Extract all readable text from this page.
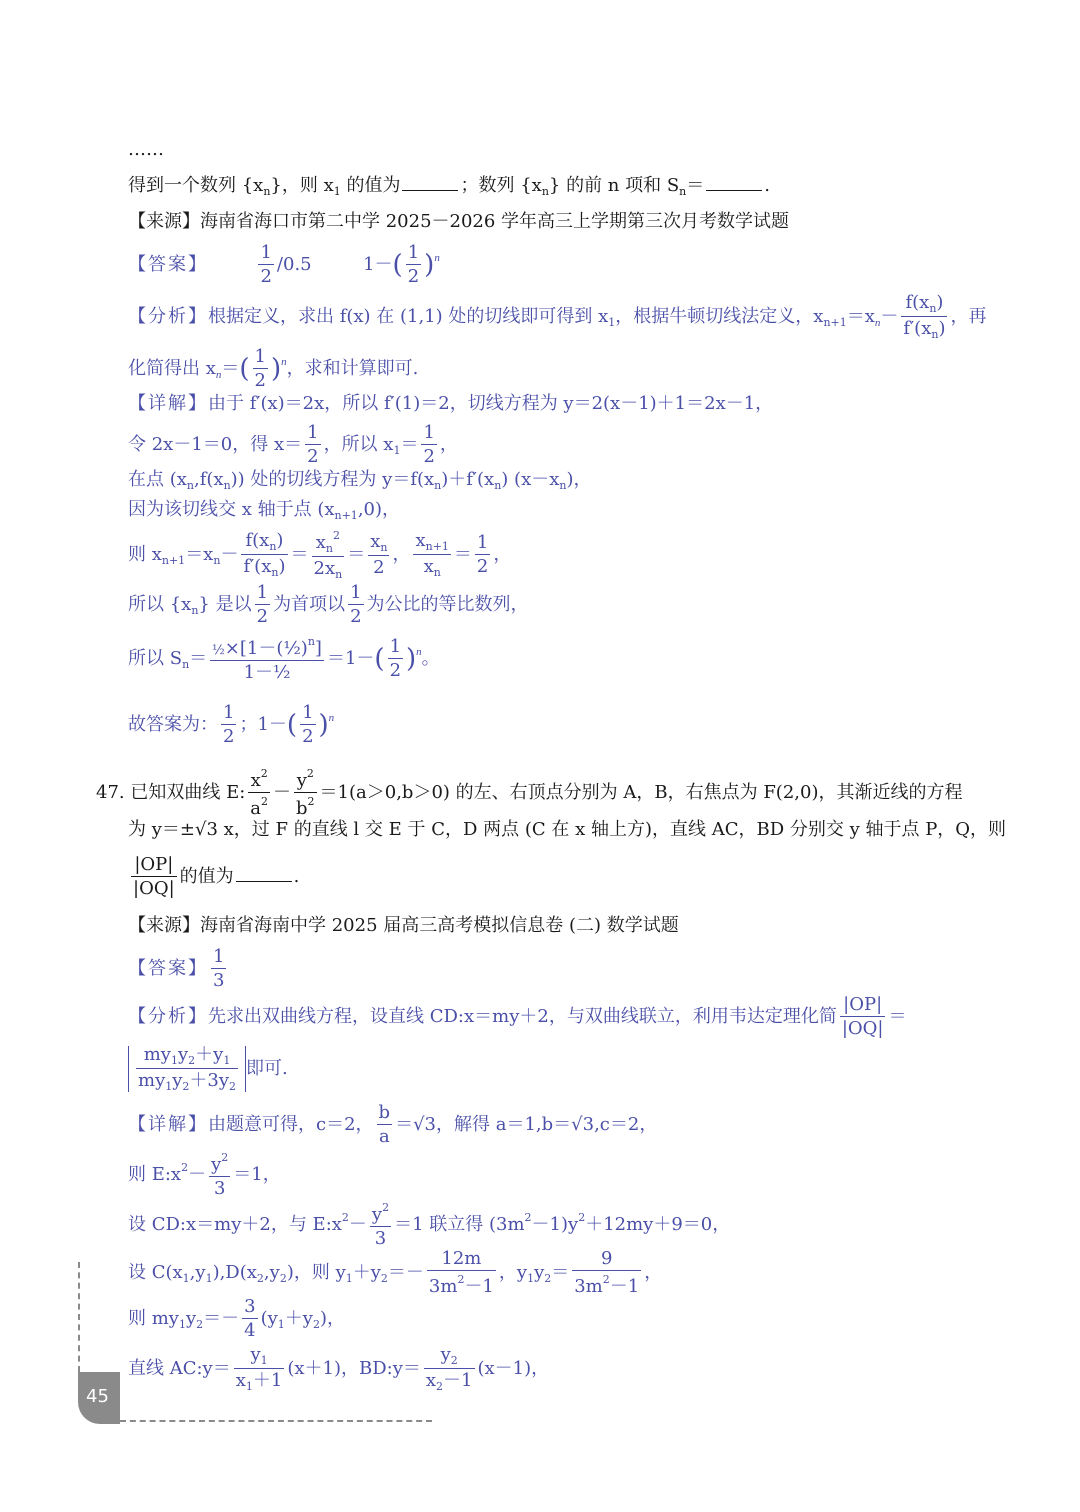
……
得到一个数列 $\{x_n\}$，则 $x_1$ 的值为	；数列 $\{x_n\}$ 的前 n 项和 $S_n=$	.
【来源】海南省海口市第二中学 2025－2026 学年高三上学期第三次月考数学试题
【答案】	$\frac{1}{2} /0.5$	$1-( \frac{1}{2} )^n$
【分析】根据定义，求出 f(x) 在 (1,1) 处的切线即可得到 $x_1$，根据牛顿切线法定义，$x_{n+1}=x_n- \frac{f(x_n)}{f'(x_n)}$ ，再
化简得出 $x_n=( \frac{1}{2} )^n$，求和计算即可.
【详解】由于 f′(x)＝2x，所以 f′(1)＝2，切线方程为 y＝2(x－1)＋1＝2x－1，
令 2x－1＝0，得 $x= \frac{1}{2}$ ，所以 $x_1= \frac{1}{2}$ ，
在点 $(x_n,f(x_n))$ 处的切线方程为 $y=f(x_n)+f'(x_n)$ $(x-x_n)$，
因为该切线交 x 轴于点 $(x_{n+1},0)$，
则 $x_{n+1}=x_n- \frac{f(x_n)}{f'(x_n)} = \frac{x_n^2}{2x_n} = \frac{x_n}{2}$ ， $\frac{x_{n+1}}{x_n} = \frac{1}{2}$ ，
所以 $\{x_n\}$ 是以 $\frac{1}{2}$ 为首项以 $\frac{1}{2}$ 为公比的等比数列，
所以 $S_n= \frac{\frac{1}{2}\times[1-(\frac{1}{2})^n]}{\text{1－½}} =1-( \frac{1}{2} )^n$。
故答案为： $\frac{1}{2}$ ；$1-( \frac{1}{2} )^n$
47. 已知双曲线 E: $\frac{x^2}{a^2} - \frac{y^2}{b^2} =1(a>0,b>0)$ 的左、右顶点分别为 A，B，右焦点为 F(2,0)，其渐近线的方程
为 y＝±√3 x，过 F 的直线 l 交 E 于 C，D 两点 (C 在 x 轴上方)，直线 AC，BD 分别交 y 轴于点 P，Q，则
$\frac{|OP|}{|OQ|}$ 的值为	.
【来源】海南省海南中学 2025 届高三高考模拟信息卷 (二) 数学试题
【答案】 $\frac{1}{3}$
【分析】先求出双曲线方程，设直线 CD:x＝my＋2，与双曲线联立，利用韦达定理化简 $\frac{|OP|}{|OQ|}$ ＝
$\frac{my_1y_2+y_1}{my_1y_2+3y_2}$ 即可.
【详解】由题意可得，c＝2， $\frac{b}{a} =√3$，解得 a＝1,b＝√3,c＝2，
则 $E:x^2- \frac{y^2}{3} =1$，
设 CD:x＝my＋2，与 $E:x^2- \frac{y^2}{3} =1$ 联立得 $(3m^2-1)y^2+12my+9=0$，
设 $C(x_1,y_1),D(x_2,y_2)$，则 $y_1+y_2=- \frac{12m}{3m^2-1}$ ，$y_1y_2= \frac{9}{3m^2-1}$ ，
则 $my_1y_2=- \frac{3}{4} (y_1+y_2)$，
直线 AC:y＝ $\frac{y_1}{x_1+1} (x+1)$，BD:y＝ $\frac{y_2}{x_2-1} (x-1)$，
45
